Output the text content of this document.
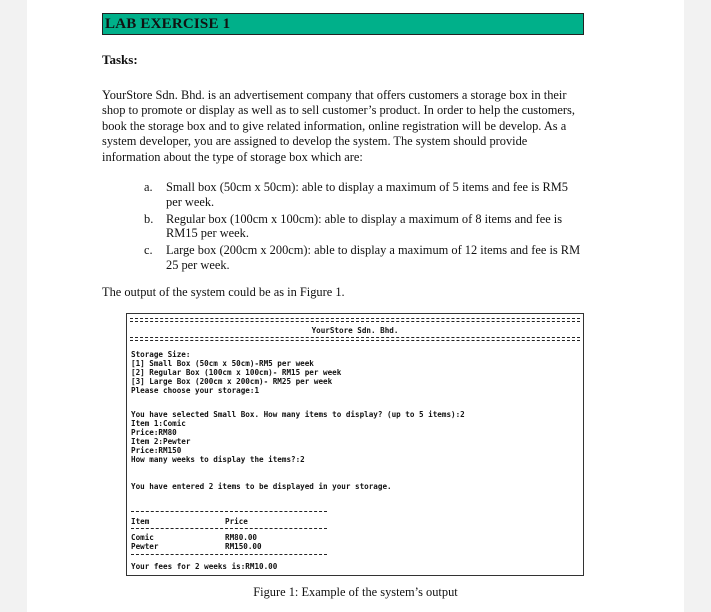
LAB EXERCISE 1
Tasks:

YourStore Sdn. Bhd. is an advertisement company that offers customers a storage box in their shop to promote or display as well as to sell customer’s product. In order to help the customers, book the storage box and to give related information, online registration will be develop. As a system developer, you are assigned to develop the system. The system should provide information about the type of storage box which are:

a. Small box (50cm x 50cm): able to display a maximum of 5 items and fee is RM5 per week.
b. Regular box (100cm x 100cm): able to display a maximum of 8 items and fee is RM15 per week.
c. Large box (200cm x 200cm): able to display a maximum of 12 items and fee is RM 25 per week.
The output of the system could be as in Figure 1.
YourStore Sdn. Bhd.
Storage Size:
[1] Small Box (50cm x 50cm)-RM5 per week
[2] Regular Box (100cm x 100cm)- RM15 per week
[3] Large Box (200cm x 200cm)- RM25 per week
Please choose your storage:1
You have selected Small Box. How many items to display? (up to 5 items):2
Item 1:Comic
Price:RM80
Item 2:Pewter
Price:RM150
How many weeks to display the items?:2
You have entered 2 items to be displayed in your storage.
Item	Price
Comic
Pewter
RM80.00
RM150.00
Your fees for 2 weeks is:RM10.00
Figure 1: Example of the system’s output
